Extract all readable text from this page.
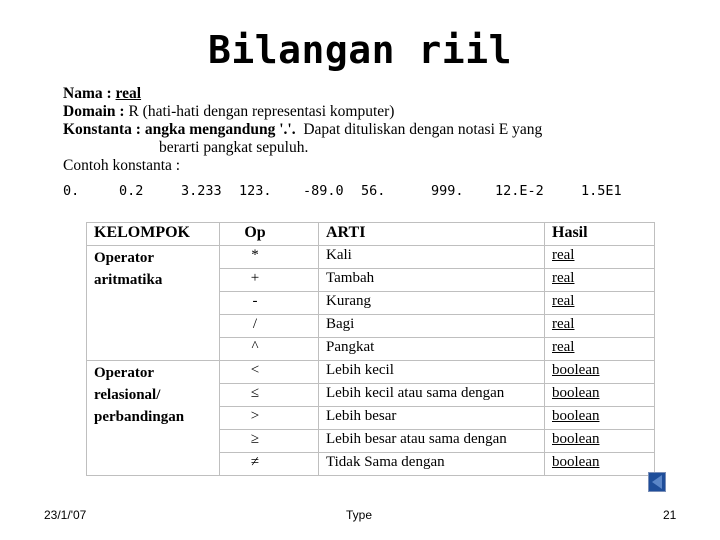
Bilangan riil
Nama : real
Domain : R (hati-hati dengan representasi komputer)
Konstanta : angka mengandung '.'. Dapat dituliskan dengan notasi E yang
berarti pangkat sepuluh.
Contoh konstanta :
0.	0.2	3.233	123.	-89.0	56.	999.	12.E-2	1.5E1
KELOMPOK	Op	ARTI	Hasil

Operator
aritmatika	*	Kali	real
	+	Tambah	real
	-	Kurang	real
	/	Bagi	real
	^	Pangkat	real

Operator
relasional/
perbandingan	<	Lebih kecil	boolean
	≤	Lebih kecil atau sama dengan	boolean
	>	Lebih besar	boolean
	≥	Lebih besar atau sama dengan	boolean
	≠	Tidak Sama dengan	boolean
23/1/'07	Type	21
